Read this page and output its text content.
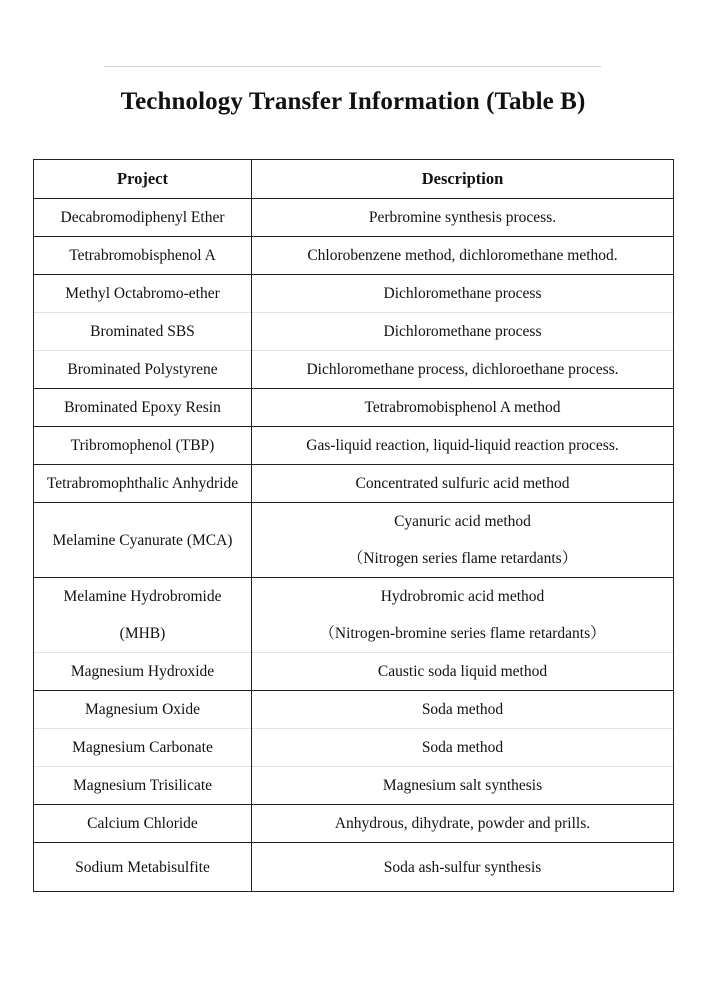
Technology Transfer Information (Table B)
Project	Description

Decabromodiphenyl Ether	Perbromine synthesis process.

Tetrabromobisphenol A	Chlorobenzene method, dichloromethane method.

Methyl Octabromo-ether	Dichloromethane process

Brominated SBS	Dichloromethane process

Brominated Polystyrene	Dichloromethane process, dichloroethane process.

Brominated Epoxy Resin	Tetrabromobisphenol A method

Tribromophenol (TBP)	Gas-liquid reaction, liquid-liquid reaction process.

Tetrabromophthalic Anhydride	Concentrated sulfuric acid method

Melamine Cyanurate (MCA)	Cyanuric acid method
（Nitrogen series flame retardants）

Melamine Hydrobromide
(MHB)	Hydrobromic acid method
（Nitrogen-bromine series flame retardants）

Magnesium Hydroxide	Caustic soda liquid method

Magnesium Oxide	Soda method

Magnesium Carbonate	Soda method

Magnesium Trisilicate	Magnesium salt synthesis

Calcium Chloride	Anhydrous, dihydrate, powder and prills.

Sodium Metabisulfite	Soda ash-sulfur synthesis
